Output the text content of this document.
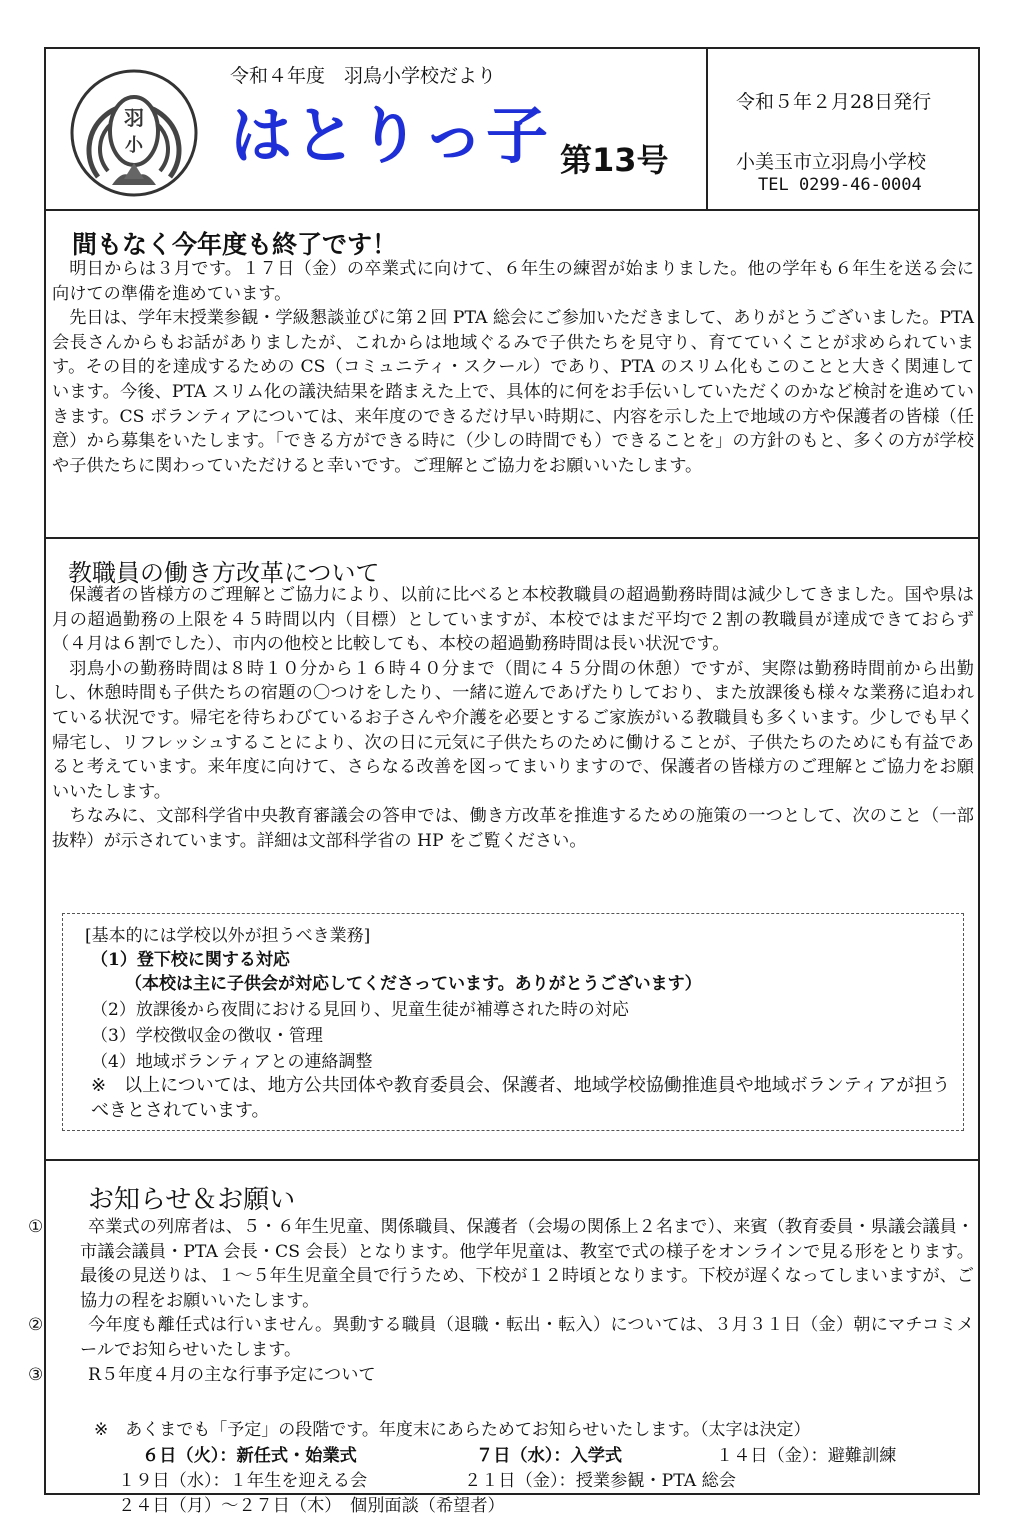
羽
小
令和４年度　羽鳥小学校だより
はとりっ子 第13号
令和５年２月28日発行
小美玉市立羽鳥小学校
TEL 0299-46-0004
間もなく今年度も終了です！

明日からは３月です。１７日（金）の卒業式に向けて、６年生の練習が始まりました。他の学年も６年生を送る会に向けての準備を進めています。

先日は、学年末授業参観・学級懇談並びに第２回 PTA 総会にご参加いただきまして、ありがとうございました。PTA 会長さんからもお話がありましたが、これからは地域ぐるみで子供たちを見守り、育てていくことが求められています。その目的を達成するための CS（コミュニティ・スクール）であり、PTA のスリム化もこのことと大きく関連しています。今後、PTA スリム化の議決結果を踏まえた上で、具体的に何をお手伝いしていただくのかなど検討を進めていきます。CS ボランティアについては、来年度のできるだけ早い時期に、内容を示した上で地域の方や保護者の皆様（任意）から募集をいたします。「できる方ができる時に（少しの時間でも）できることを」の方針のもと、多くの方が学校や子供たちに関わっていただけると幸いです。ご理解とご協力をお願いいたします。

教職員の働き方改革について

保護者の皆様方のご理解とご協力により、以前に比べると本校教職員の超過勤務時間は減少してきました。国や県は月の超過勤務の上限を４５時間以内（目標）としていますが、本校ではまだ平均で２割の教職員が達成できておらず（４月は６割でした）、市内の他校と比較しても、本校の超過勤務時間は長い状況です。

羽鳥小の勤務時間は８時１０分から１６時４０分まで（間に４５分間の休憩）ですが、実際は勤務時間前から出勤し、休憩時間も子供たちの宿題の〇つけをしたり、一緒に遊んであげたりしており、また放課後も様々な業務に追われている状況です。帰宅を待ちわびているお子さんや介護を必要とするご家族がいる教職員も多くいます。少しでも早く帰宅し、リフレッシュすることにより、次の日に元気に子供たちのために働けることが、子供たちのためにも有益であると考えています。来年度に向けて、さらなる改善を図ってまいりますので、保護者の皆様方のご理解とご協力をお願いいたします。

ちなみに、文部科学省中央教育審議会の答申では、働き方改革を推進するための施策の一つとして、次のこと（一部抜粋）が示されています。詳細は文部科学省の HP をご覧ください。

[基本的には学校以外が担うべき業務]
（1）登下校に関する対応
（本校は主に子供会が対応してくださっています。ありがとうございます）
（2）放課後から夜間における見回り、児童生徒が補導された時の対応
（3）学校徴収金の徴収・管理
（4）地域ボランティアとの連絡調整
※　以上については、地方公共団体や教育委員会、保護者、地域学校協働推進員や地域ボランティアが担うべきとされています。
お知らせ＆お願い
①	卒業式の列席者は、５・６年生児童、関係職員、保護者（会場の関係上２名まで）、来賓（教育委員・県議会議員・市議会議員・PTA 会長・CS 会長）となります。他学年児童は、教室で式の様子をオンラインで見る形をとります。最後の見送りは、１～５年生児童全員で行うため、下校が１２時頃となります。下校が遅くなってしまいますが、ご協力の程をお願いいたします。
②	今年度も離任式は行いません。異動する職員（退職・転出・転入）については、３月３１日（金）朝にマチコミメールでお知らせいたします。
③	R５年度４月の主な行事予定について
※　あくまでも「予定」の段階です。年度末にあらためてお知らせいたします。（太字は決定）
６日（火）：新任式・始業式	７日（水）：入学式	１４日（金）：避難訓練
１９日（水）：１年生を迎える会	２１日（金）：授業参観・PTA 総会
２４日（月）～２７日（木）　個別面談（希望者）
